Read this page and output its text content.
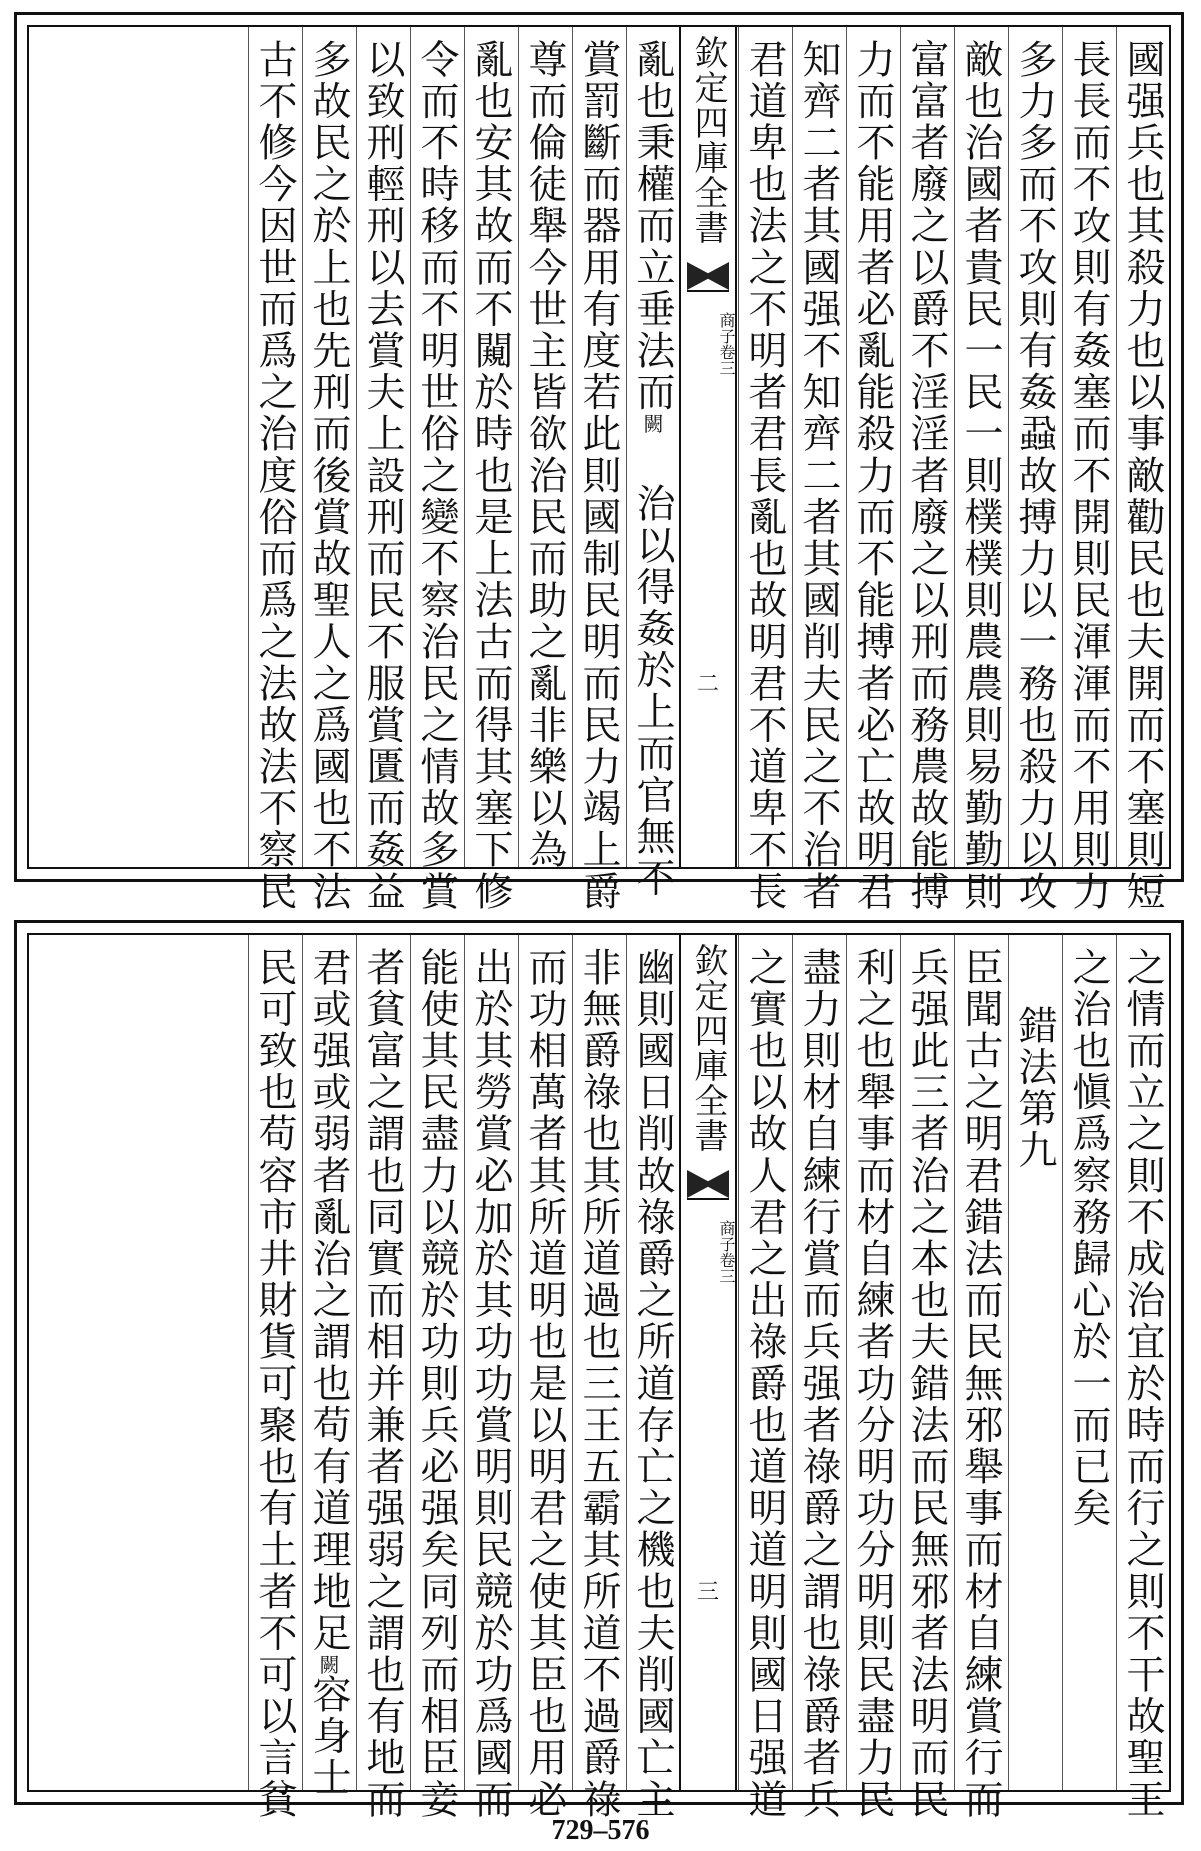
國强兵也其殺力也以事敵勸民也夫開而不塞則短
長長而不攻則有姦塞而不開則民渾渾而不用則力
多力多而不攻則有姦蝨故搏力以一務也殺力以攻
敵也治國者貴民一民一則樸樸則農農則易勤勤則
富富者廢之以爵不淫淫者廢之以刑而務農故能搏
力而不能用者必亂能殺力而不能搏者必亡故明君
知齊二者其國强不知齊二者其國削夫民之不治者
君道卑也法之不明者君長亂也故明君不道卑不長
欽定四庫全書
商子
卷三
二
亂也秉權而立垂法而闕治以得姦於上而官無不
賞罰斷而器用有度若此則國制民明而民力竭上爵
尊而倫徒舉今世主皆欲治民而助之亂非樂以為
亂也安其故而不闚於時也是上法古而得其塞下修
令而不時移而不明世俗之變不察治民之情故多賞
以致刑輕刑以去賞夫上設刑而民不服賞匱而姦益
多故民之於上也先刑而後賞故聖人之爲國也不法
古不修今因世而爲之治度俗而爲之法故法不察民
之情而立之則不成治宜於時而行之則不干故聖王
之治也愼爲察務歸心於一而已矣
錯法第九
臣聞古之明君錯法而民無邪舉事而材自練賞行而
兵强此三者治之本也夫錯法而民無邪者法明而民
利之也舉事而材自練者功分明功分明則民盡力民
盡力則材自練行賞而兵强者祿爵之謂也祿爵者兵
之實也以故人君之出祿爵也道明道明則國日强道
欽定四庫全書
商子
卷三
三
幽則國日削故祿爵之所道存亡之機也夫削國亡主
非無爵祿也其所道過也三王五霸其所道不過爵祿
而功相萬者其所道明也是以明君之使其臣也用必
出於其勞賞必加於其功功賞明則民競於功爲國而
能使其民盡力以競於功則兵必强矣同列而相臣妾
者貧富之謂也同實而相并兼者强弱之謂也有地而
君或强或弱者亂治之謂也苟有道理地足闕容身士
民可致也苟容市井財貨可聚也有土者不可以言貧
729–576
